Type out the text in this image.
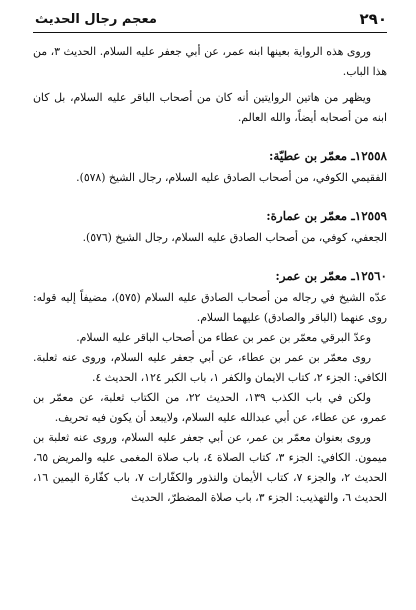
٢٩٠
معجم رجال الحديث

وروى هذه الرواية بعينها ابنه عمر، عن أبي جعفر عليه السلام. الحديث ٣، من هذا الباب.

ويظهر من هاتين الروايتين أنه كان من أصحاب الباقر عليه السلام، بل كان ابنه من أصحابه أيضاً، والله العالم.

١٢٥٥٨ـ معمّر بن عطيّة:

الفقيمي الكوفي، من أصحاب الصادق عليه السلام، رجال الشيخ (٥٧٨).

١٢٥٥٩ـ معمّر بن عمارة:

الجعفي، كوفي، من أصحاب الصادق عليه السلام، رجال الشيخ (٥٧٦).

١٢٥٦٠ـ معمّر بن عمر:

عدّه الشيخ في رجاله من أصحاب الصادق عليه السلام (٥٧٥)، مضيفاً إليه قوله: روى عنهما (الباقر والصادق) عليهما السلام.

وعدّ البرقي معمّر بن عمر بن عطاء من أصحاب الباقر عليه السلام.

روى معمّر بن عمر بن عطاء، عن أبي جعفر عليه السلام، وروى عنه ثعلبة. الكافي: الجزء ٢، كتاب الايمان والكفر ١، باب الكبر ١٢٤، الحديث ٤.

ولكن في باب الكذب ١٣٩، الحديث ٢٢، من الكتاب ثعلبة، عن معمّر بن عمرو، عن عطاء، عن أبي عبدالله عليه السلام، ولايبعد أن يكون فيه تحريف.

وروى بعنوان معمّر بن عمر، عن أبي جعفر عليه السلام، وروى عنه ثعلبة بن ميمون. الكافي: الجزء ٣، كتاب الصلاة ٤، باب صلاة المغمى عليه والمريض ٦٥، الحديث ٢، والجزء ٧، كتاب الأيمان والنذور والكفّارات ٧، باب كفّارة اليمين ١٦، الحديث ٦، والتهذيب: الجزء ٣، باب صلاة المضطرّ، الحديث
